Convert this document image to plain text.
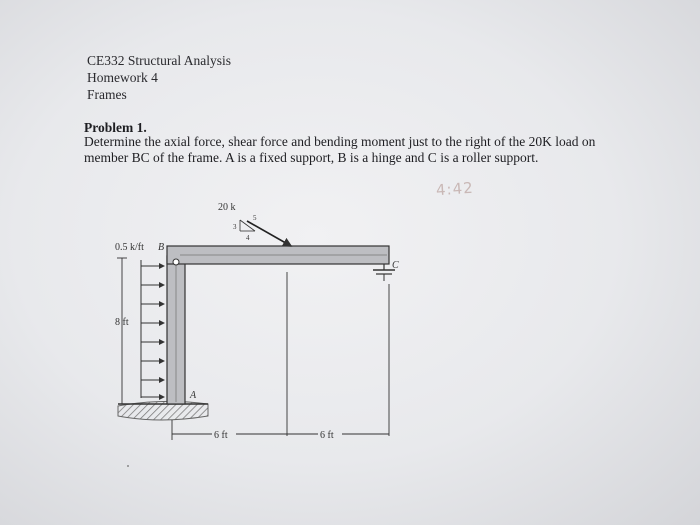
CE332 Structural Analysis
Homework 4
Frames
Problem 1.
Determine the axial force, shear force and bending moment just to the right of the 20K load on
member BC of the frame. A is a fixed support, B is a hinge and C is a roller support.
4:42
8 ft
0.5 k/ft B
20 k
5
3
4
C
A
6 ft	6 ft
